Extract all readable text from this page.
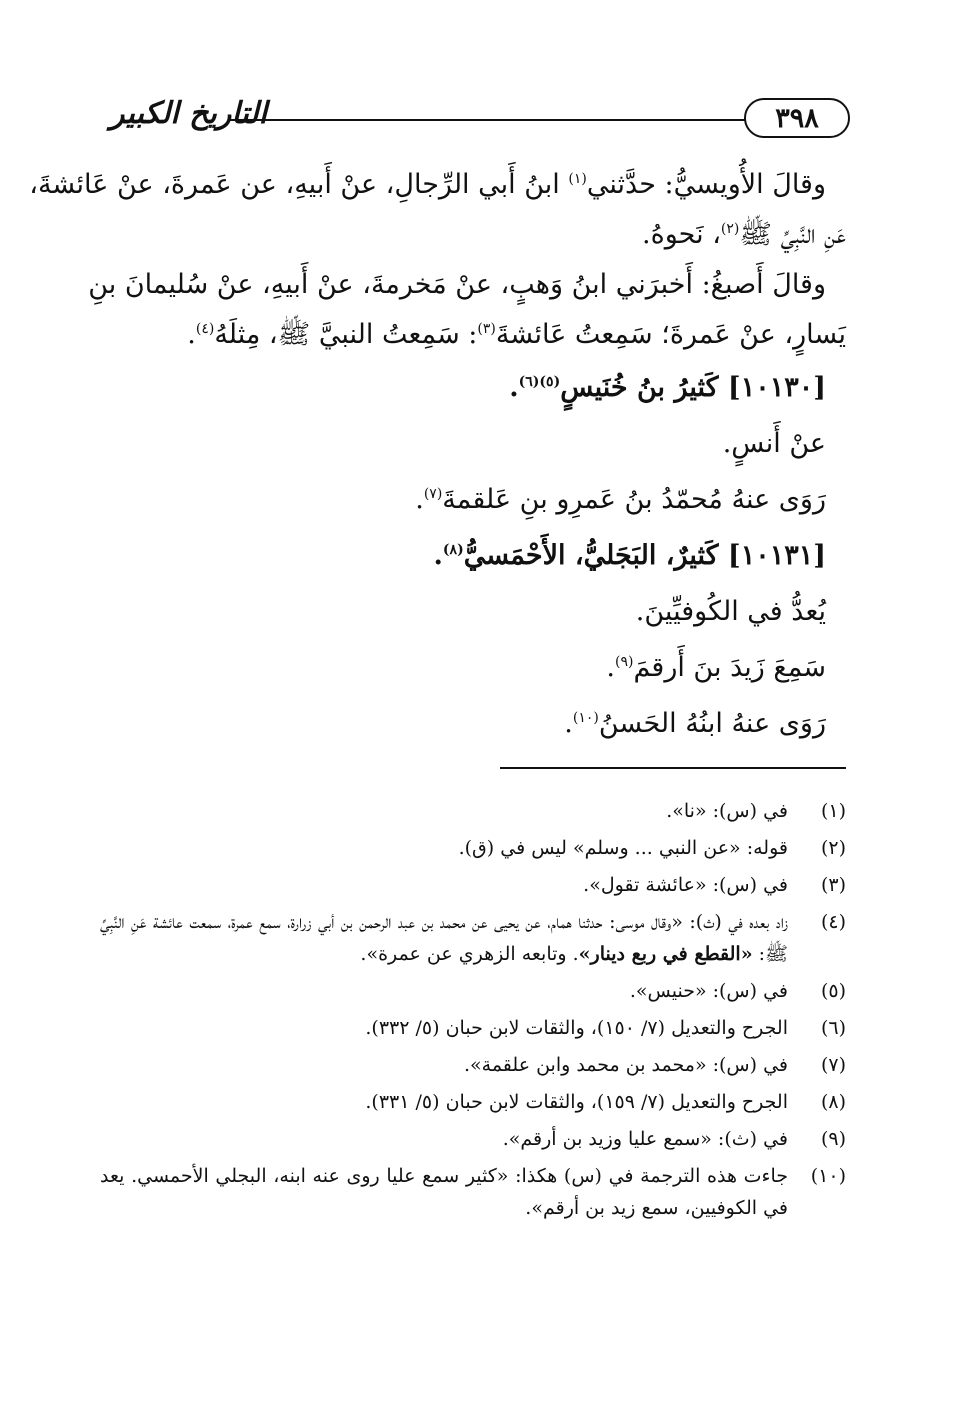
٣٩٨
التاريخ الكبير
وقالَ الأُويسيُّ: حدَّثني$^{(١)}$ ابنُ أَبي الرِّجالِ، عنْ أَبيهِ، عن عَمرةَ، عنْ عَائشةَ،
عَنِ النَّبِيِّ ﷺ$^{(٢)}$، نَحوهُ.
وقالَ أَصبغُ: أَخبرَني ابنُ وَهبٍ، عنْ مَخرمةَ، عنْ أَبيهِ، عنْ سُليمانَ بنِ
يَسارٍ، عنْ عَمرةَ؛ سَمِعتُ عَائشةَ$^{(٣)}$: سَمِعتُ النبيَّ ﷺ، مِثلَهُ$^{(٤)}$.
[١٠١٣٠] كَثيرُ بنُ خُنَيسٍ$^{(٥)(٦)}$.
عنْ أَنسٍ.
رَوَى عنهُ مُحمّدُ بنُ عَمرِو بنِ عَلقمةَ$^{(٧)}$.
[١٠١٣١] كَثيرٌ، البَجَليُّ، الأَحْمَسيُّ$^{(٨)}$.
يُعدُّ في الكُوفيِّينَ.
سَمِعَ زَيدَ بنَ أَرقمَ$^{(٩)}$.
رَوَى عنهُ ابنُهُ الحَسنُ$^{(١٠)}$.
(١)
في (س): «نا».
(٢)
قوله: «عن النبي ... وسلم» ليس في (ق).
(٣)
في (س): «عائشة تقول».
(٤)
زاد بعده في (ث): «وقال موسى: حدثنا همام، عن يحيى عن محمد بن عبد الرحمن بن أبي زرارة، سمع عمرة، سمعت عائشة عَنِ النَّبِيِّ ﷺ: «القطع في ربع دينار». وتابعه الزهري عن عمرة».
(٥)
في (س): «حنيس».
(٦)
الجرح والتعديل (٧/ ١٥٠)، والثقات لابن حبان (٥/ ٣٣٢).
(٧)
في (س): «محمد بن محمد وابن علقمة».
(٨)
الجرح والتعديل (٧/ ١٥٩)، والثقات لابن حبان (٥/ ٣٣١).
(٩)
في (ث): «سمع عليا وزيد بن أرقم».
(١٠)
جاءت هذه الترجمة في (س) هكذا: «كثير سمع عليا روى عنه ابنه، البجلي الأحمسي. يعد في الكوفيين، سمع زيد بن أرقم».
